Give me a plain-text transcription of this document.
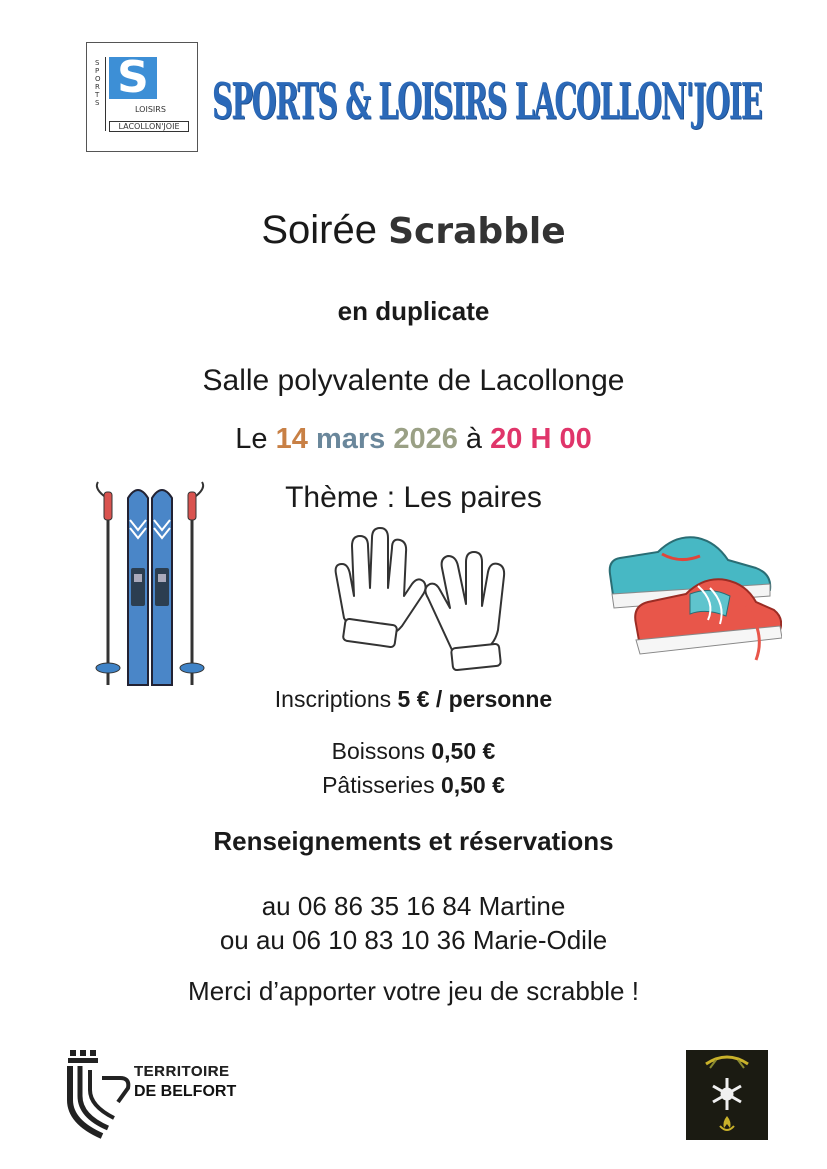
SPORTS S
LOISIRS
LACOLLON'JOIE SPORTS & LOISIRS LACOLLON'JOIE
Soirée Scrabble
en duplicate
Salle polyvalente de Lacollonge
Le 14 mars 2026 à 20 H 00
Thème : Les paires
Inscriptions 5 € / personne
Boissons 0,50 €
Pâtisseries 0,50 €
Renseignements et réservations
au 06 86 35 16 84 Martine
ou au 06 10 83 10 36 Marie-Odile
Merci d’apporter votre jeu de scrabble !
TERRITOIRE
DE BELFORT
